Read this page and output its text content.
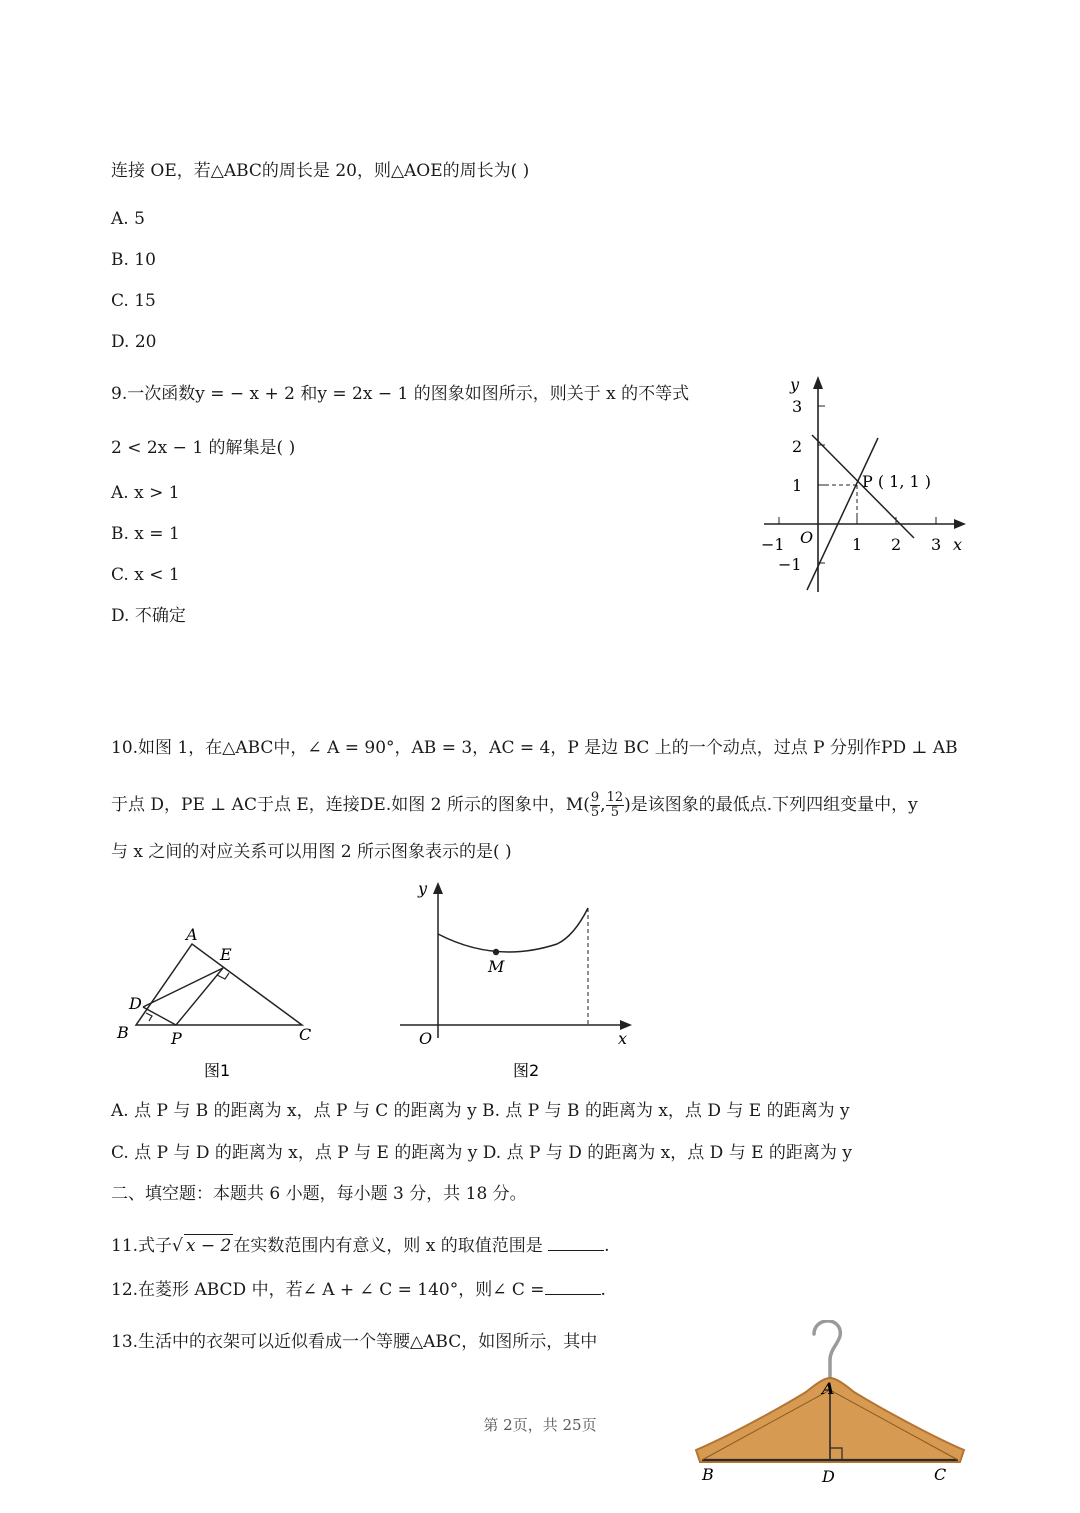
连接 OE，若△ABC的周长是 20，则△AOE的周长为( )
A. 5
B. 10
C. 15
D. 20
9.一次函数y = − x + 2 和y = 2x − 1 的图象如图所示，则关于 x 的不等式
2 < 2x − 1 的解集是( )
A. x > 1
B. x = 1
C. x < 1
D. 不确定
y
x
O
3
2
1
−1
−1	1 2 3
P ( 1, 1 )
10.如图 1，在△ABC中，∠ A = 90°，AB = 3，AC = 4，P 是边 BC 上的一个动点，过点 P 分别作PD ⊥ AB
于点 D，PE ⊥ AC于点 E，连接DE.如图 2 所示的图象中，$M( \frac{9}{5}$ , $\frac{12}{5}$ )是该图象的最低点.下列四组变量中，y
与 x 之间的对应关系可以用图 2 所示图象表示的是( )
A
E
D
B	P	C
图1
y
x
O
M
图2
A. 点 P 与 B 的距离为 x，点 P 与 C 的距离为 y B. 点 P 与 B 的距离为 x，点 D 与 E 的距离为 y
C. 点 P 与 D 的距离为 x，点 P 与 E 的距离为 y D. 点 P 与 D 的距离为 x，点 D 与 E 的距离为 y
二、填空题：本题共 6 小题，每小题 3 分，共 18 分。
11.式子√ x − 2 在实数范围内有意义，则 x 的取值范围是	.
12.在菱形 ABCD 中，若∠ A + ∠ C = 140°，则∠ C =	.
13.生活中的衣架可以近似看成一个等腰△ABC，如图所示，其中
A
B	D	C
第 2页，共 25页
